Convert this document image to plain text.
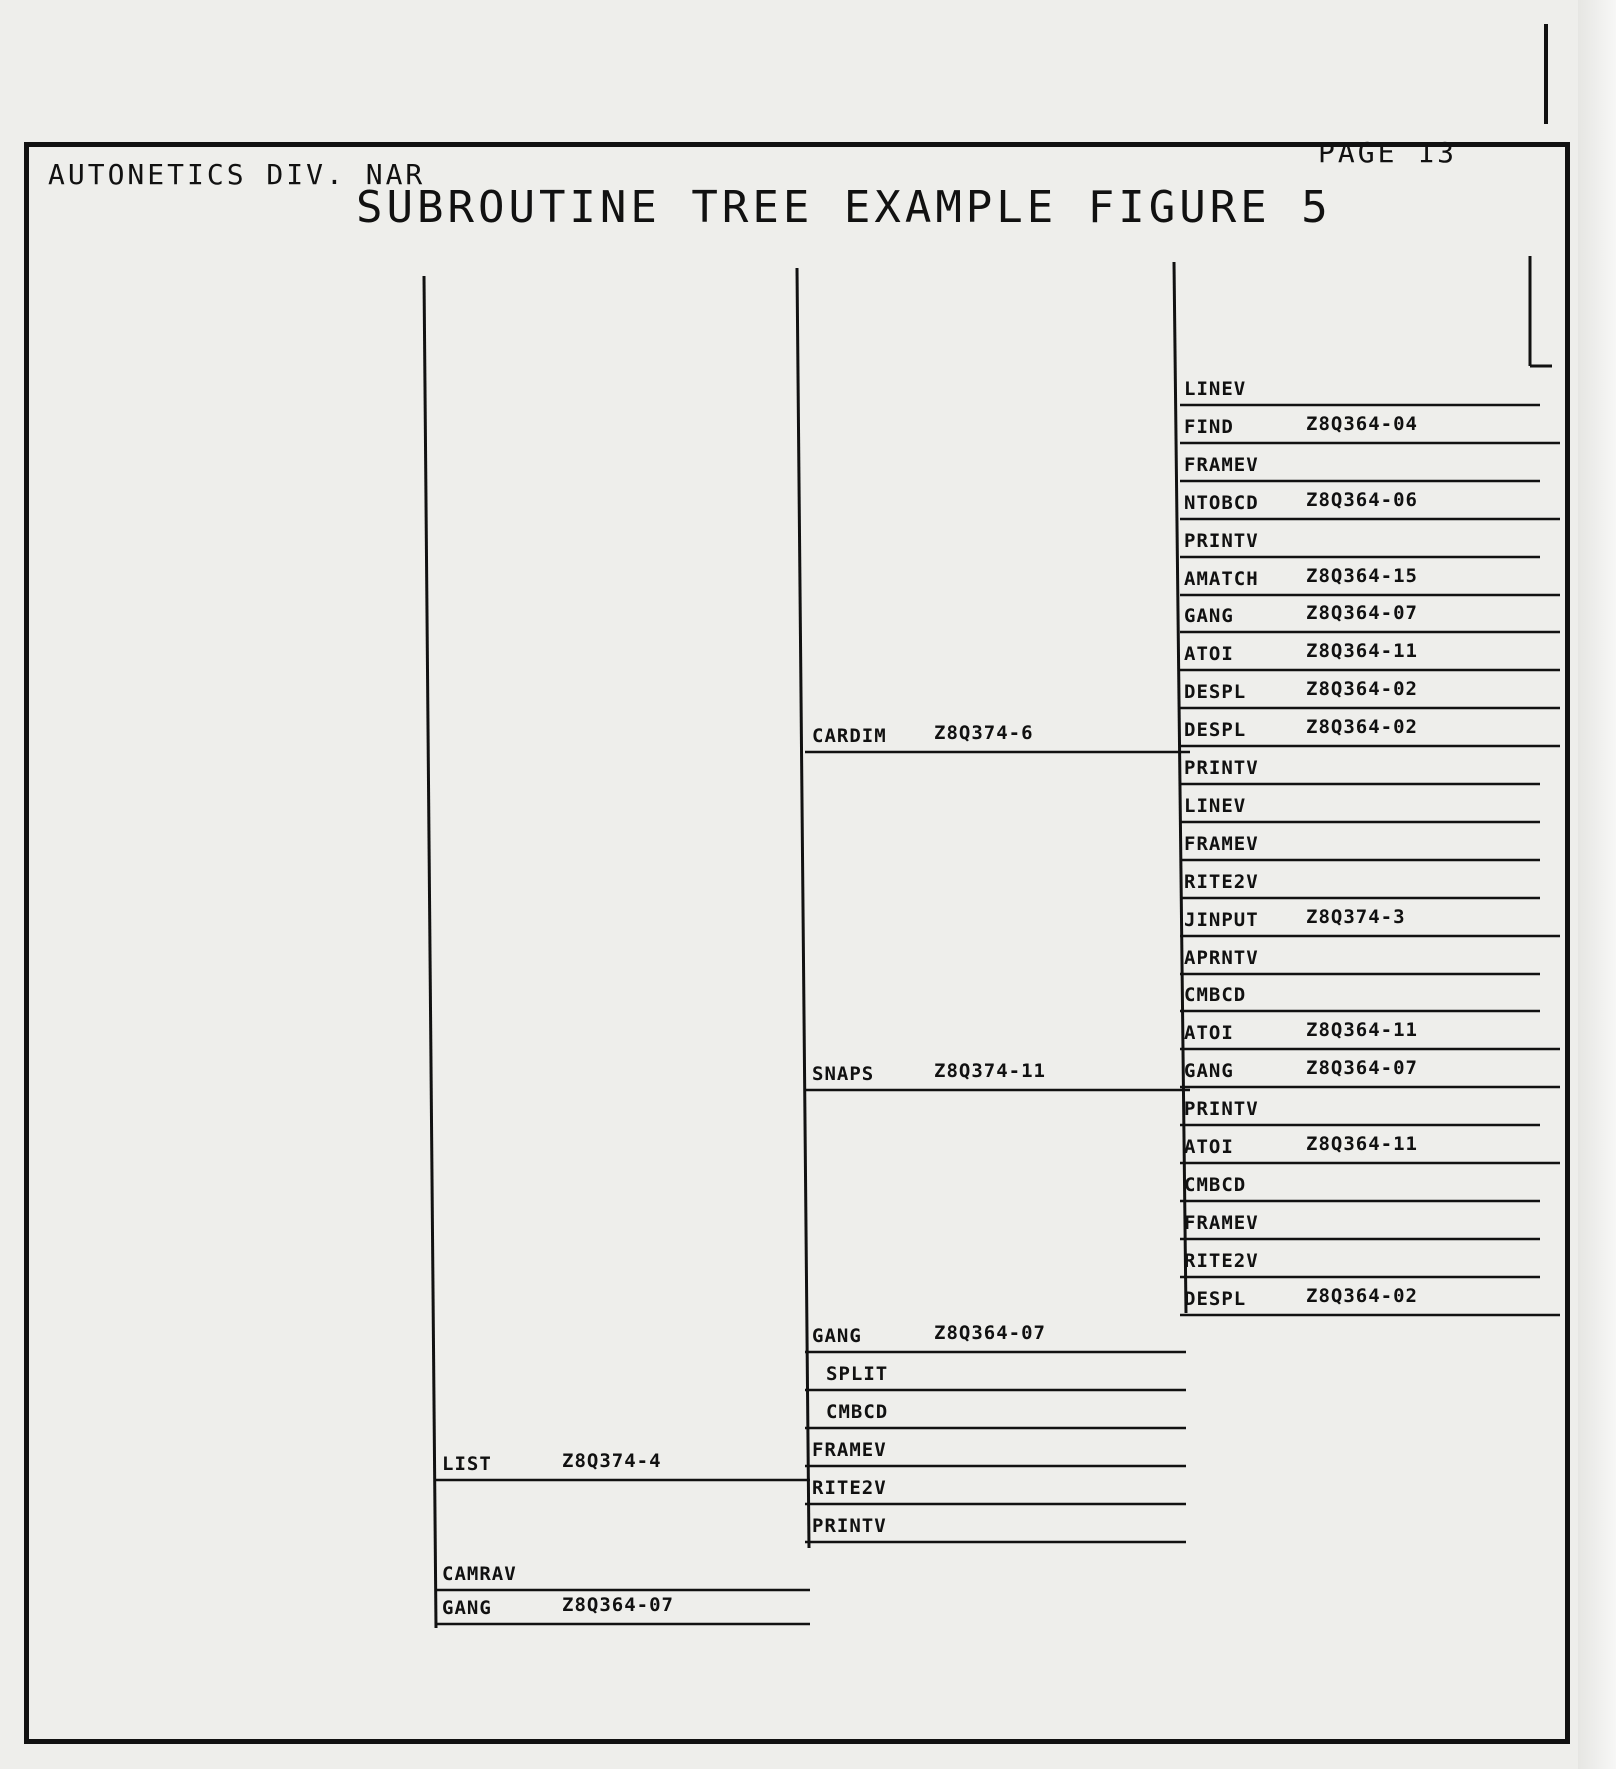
AUTONETICS DIV. NAR
PAGE 13
SUBROUTINE TREE EXAMPLE FIGURE 5
LIST	Z8Q374-4
CAMRAV
GANG	Z8Q364-07
CARDIM Z8Q374-6
SNAPS	Z8Q374-11
GANG	Z8Q364-07
SPLIT
CMBCD
FRAMEV
RITE2V
PRINTV
LINEV
FIND	Z8Q364-04
FRAMEV
NTOBCD Z8Q364-06
PRINTV
AMATCH Z8Q364-15
GANG	Z8Q364-07
ATOI	Z8Q364-11
DESPL	Z8Q364-02
DESPL	Z8Q364-02
PRINTV
LINEV
FRAMEV
RITE2V
JINPUT Z8Q374-3
APRNTV
CMBCD
ATOI	Z8Q364-11
GANG	Z8Q364-07
PRINTV
ATOI	Z8Q364-11
CMBCD
FRAMEV
RITE2V
DESPL	Z8Q364-02
